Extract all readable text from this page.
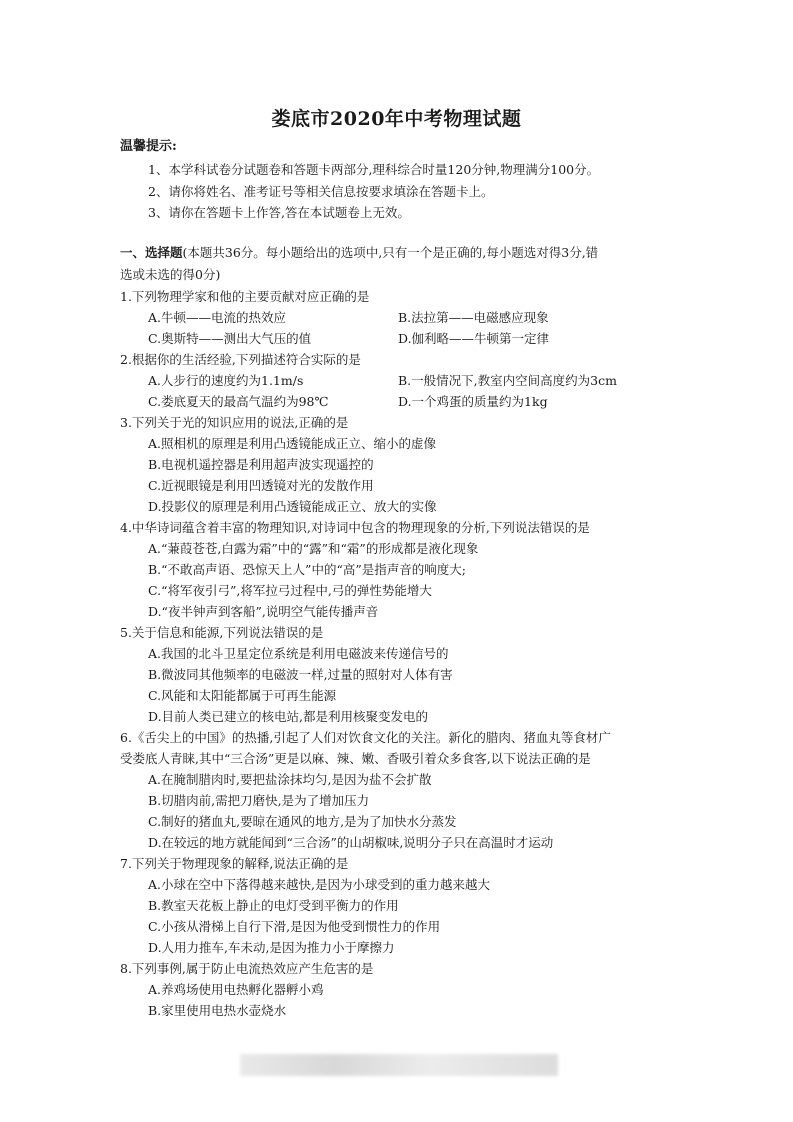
娄底市2020年中考物理试题
温馨提示:
1、本学科试卷分试题卷和答题卡两部分,理科综合时量120分钟,物理满分100分。
2、请你将姓名、准考证号等相关信息按要求填涂在答题卡上。
3、请你在答题卡上作答,答在本试题卷上无效。
一、选择题(本题共36分。每小题给出的选项中,只有一个是正确的,每小题选对得3分,错
选或未选的得0分)
1.下列物理学家和他的主要贡献对应正确的是
A.牛顿——电流的热效应	B.法拉第——电磁感应现象
C.奥斯特——测出大气压的值	D.伽利略——牛顿第一定律
2.根据你的生活经验,下列描述符合实际的是
A.人步行的速度约为1.1m/s	B.一般情况下,教室内空间高度约为3cm
C.娄底夏天的最高气温约为98℃	D.一个鸡蛋的质量约为1kg
3.下列关于光的知识应用的说法,正确的是
A.照相机的原理是利用凸透镜能成正立、缩小的虚像
B.电视机遥控器是利用超声波实现遥控的
C.近视眼镜是利用凹透镜对光的发散作用
D.投影仪的原理是利用凸透镜能成正立、放大的实像
4.中华诗词蕴含着丰富的物理知识,对诗词中包含的物理现象的分析,下列说法错误的是
A.“蒹葭苍苍,白露为霜”中的“露”和“霜”的形成都是液化现象
B.“不敢高声语、恐惊天上人”中的“高”是指声音的响度大;
C.“将军夜引弓”,将军拉弓过程中,弓的弹性势能增大
D.“夜半钟声到客船”,说明空气能传播声音
5.关于信息和能源,下列说法错误的是
A.我国的北斗卫星定位系统是利用电磁波来传递信号的
B.微波同其他频率的电磁波一样,过量的照射对人体有害
C.风能和太阳能都属于可再生能源
D.目前人类已建立的核电站,都是利用核聚变发电的
6.《舌尖上的中国》的热播,引起了人们对饮食文化的关注。新化的腊肉、猪血丸等食材广
受娄底人青睐,其中“三合汤”更是以麻、辣、嫩、香吸引着众多食客,以下说法正确的是
A.在腌制腊肉时,要把盐涂抹均匀,是因为盐不会扩散
B.切腊肉前,需把刀磨快,是为了增加压力
C.制好的猪血丸,要晾在通风的地方,是为了加快水分蒸发
D.在较远的地方就能闻到“三合汤”的山胡椒味,说明分子只在高温时才运动
7.下列关于物理现象的解释,说法正确的是
A.小球在空中下落得越来越快,是因为小球受到的重力越来越大
B.教室天花板上静止的电灯受到平衡力的作用
C.小孩从滑梯上自行下滑,是因为他受到惯性力的作用
D.人用力推车,车未动,是因为推力小于摩擦力
8.下列事例,属于防止电流热效应产生危害的是
A.养鸡场使用电热孵化器孵小鸡
B.家里使用电热水壶烧水
